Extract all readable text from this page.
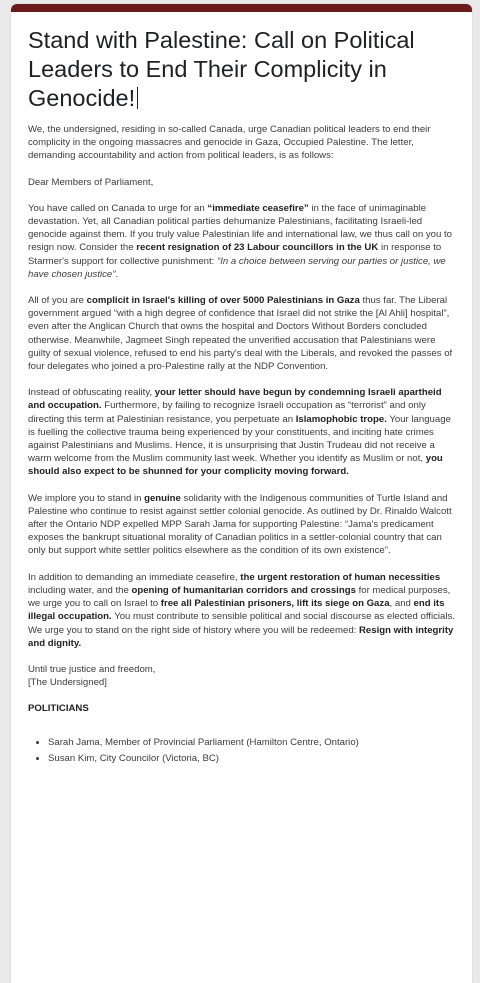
Stand with Palestine: Call on Political Leaders to End Their Complicity in Genocide!

We, the undersigned, residing in so-called Canada, urge Canadian political leaders to end their complicity in the ongoing massacres and genocide in Gaza, Occupied Palestine. The letter, demanding accountability and action from political leaders, is as follows:

Dear Members of Parliament,

You have called on Canada to urge for an “immediate ceasefire” in the face of unimaginable devastation. Yet, all Canadian political parties dehumanize Palestinians, facilitating Israeli-led genocide against them. If you truly value Palestinian life and international law, we thus call on you to resign now. Consider the recent resignation of 23 Labour councillors in the UK in response to Starmer's support for collective punishment: “In a choice between serving our parties or justice, we have chosen justice”.

All of you are complicit in Israel's killing of over 5000 Palestinians in Gaza thus far. The Liberal government argued “with a high degree of confidence that Israel did not strike the [Al Ahli] hospital”, even after the Anglican Church that owns the hospital and Doctors Without Borders concluded otherwise. Meanwhile, Jagmeet Singh repeated the unverified accusation that Palestinians were guilty of sexual violence, refused to end his party's deal with the Liberals, and revoked the passes of four delegates who joined a pro-Palestine rally at the NDP Convention.

Instead of obfuscating reality, your letter should have begun by condemning Israeli apartheid and occupation. Furthermore, by failing to recognize Israeli occupation as “terrorist” and only directing this term at Palestinian resistance, you perpetuate an Islamophobic trope. Your language is fuelling the collective trauma being experienced by your constituents, and inciting hate crimes against Palestinians and Muslims. Hence, it is unsurprising that Justin Trudeau did not receive a warm welcome from the Muslim community last week. Whether you identify as Muslim or not, you should also expect to be shunned for your complicity moving forward.

We implore you to stand in genuine solidarity with the Indigenous communities of Turtle Island and Palestine who continue to resist against settler colonial genocide. As outlined by Dr. Rinaldo Walcott after the Ontario NDP expelled MPP Sarah Jama for supporting Palestine: “Jama's predicament exposes the bankrupt situational morality of Canadian politics in a settler-colonial country that can only but support white settler politics elsewhere as the condition of its own existence”.

In addition to demanding an immediate ceasefire, the urgent restoration of human necessities including water, and the opening of humanitarian corridors and crossings for medical purposes, we urge you to call on Israel to free all Palestinian prisoners, lift its siege on Gaza, and end its illegal occupation. You must contribute to sensible political and social discourse as elected officials. We urge you to stand on the right side of history where you will be redeemed: Resign with integrity and dignity.

Until true justice and freedom,
[The Undersigned]

POLITICIANS
• Sarah Jama, Member of Provincial Parliament (Hamilton Centre, Ontario)
• Susan Kim, City Councilor (Victoria, BC)
